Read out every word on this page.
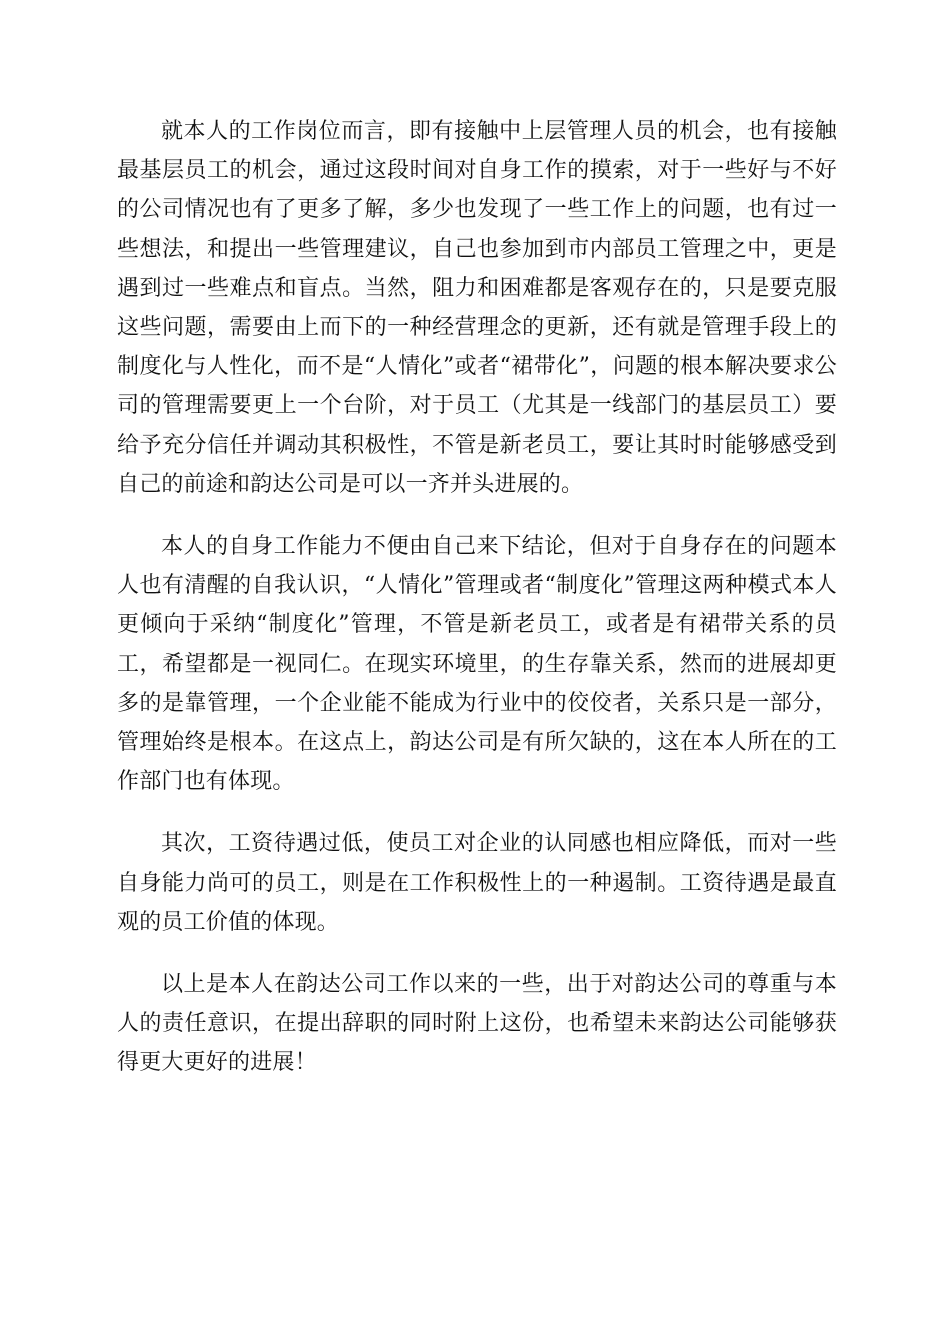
就本人的工作岗位而言，即有接触中上层管理人员的机会，也有接触最基层员工的机会，通过这段时间对自身工作的摸索，对于一些好与不好的公司情况也有了更多了解，多少也发现了一些工作上的问题，也有过一些想法，和提出一些管理建议，自己也参加到市内部员工管理之中，更是遇到过一些难点和盲点。当然，阻力和困难都是客观存在的，只是要克服这些问题，需要由上而下的一种经营理念的更新，还有就是管理手段上的制度化与人性化，而不是“人情化”或者“裙带化”，问题的根本解决要求公司的管理需要更上一个台阶，对于员工（尤其是一线部门的基层员工）要给予充分信任并调动其积极性，不管是新老员工，要让其时时能够感受到自己的前途和韵达公司是可以一齐并头进展的。

本人的自身工作能力不便由自己来下结论，但对于自身存在的问题本人也有清醒的自我认识，“人情化”管理或者“制度化”管理这两种模式本人更倾向于采纳“制度化”管理，不管是新老员工，或者是有裙带关系的员工，希望都是一视同仁。在现实环境里，的生存靠关系，然而的进展却更多的是靠管理，一个企业能不能成为行业中的佼佼者，关系只是一部分，管理始终是根本。在这点上，韵达公司是有所欠缺的，这在本人所在的工作部门也有体现。

其次，工资待遇过低，使员工对企业的认同感也相应降低，而对一些自身能力尚可的员工，则是在工作积极性上的一种遏制。工资待遇是最直观的员工价值的体现。

以上是本人在韵达公司工作以来的一些，出于对韵达公司的尊重与本人的责任意识，在提出辞职的同时附上这份，也希望未来韵达公司能够获得更大更好的进展！
